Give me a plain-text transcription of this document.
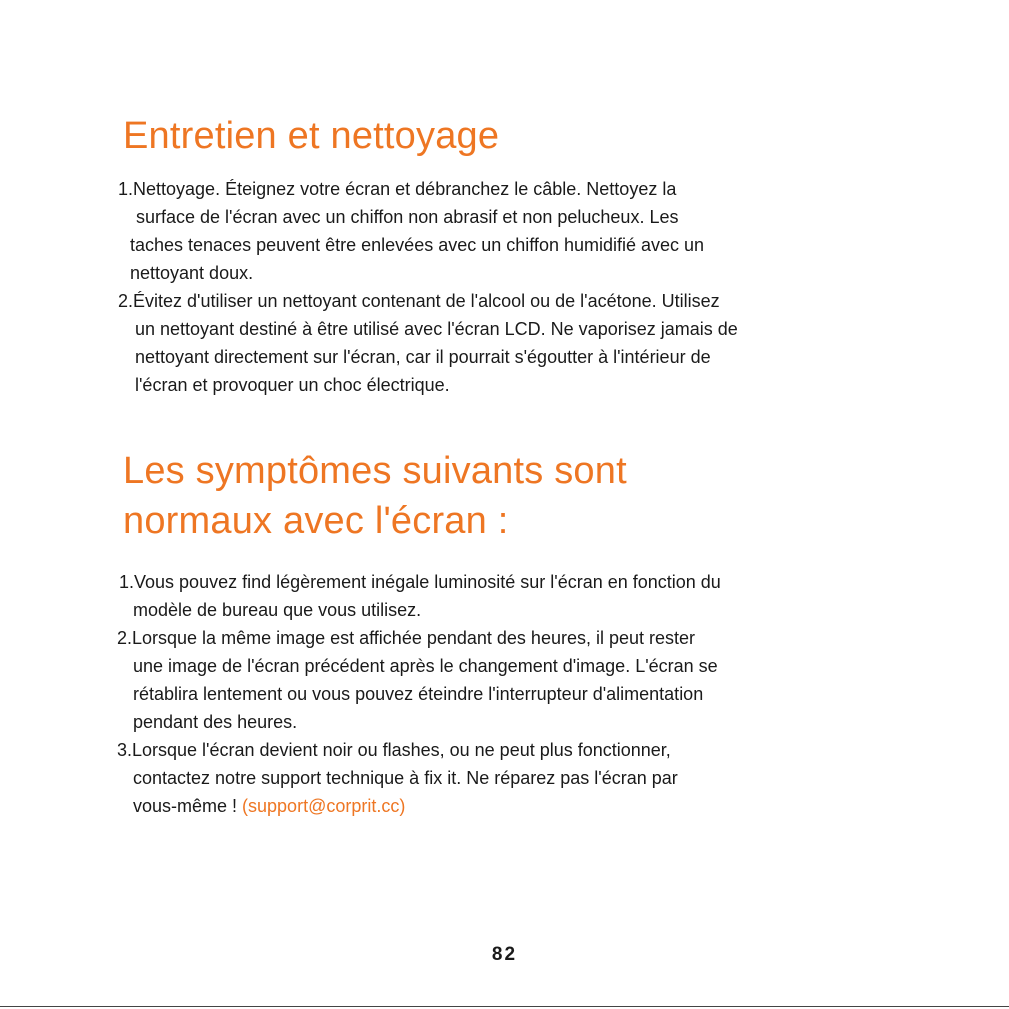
Entretien et nettoyage
1.Nettoyage. Éteignez votre écran et débranchez le câble. Nettoyez la
surface de l'écran avec un chiffon non abrasif et non pelucheux. Les
taches tenaces peuvent être enlevées avec un chiffon humidifié avec un
nettoyant doux.
2.Évitez d'utiliser un nettoyant contenant de l'alcool ou de l'acétone. Utilisez
un nettoyant destiné à être utilisé avec l'écran LCD. Ne vaporisez jamais de
nettoyant directement sur l'écran, car il pourrait s'égoutter à l'intérieur de
l'écran et provoquer un choc électrique.
Les symptômes suivants sont
normaux avec l'écran :
1.Vous pouvez find légèrement inégale luminosité sur l'écran en fonction du
modèle de bureau que vous utilisez.
2.Lorsque la même image est affichée pendant des heures, il peut rester
une image de l'écran précédent après le changement d'image. L'écran se
rétablira lentement ou vous pouvez éteindre l'interrupteur d'alimentation
pendant des heures.
3.Lorsque l'écran devient noir ou flashes, ou ne peut plus fonctionner,
contactez notre support technique à fix it. Ne réparez pas l'écran par
vous-même ! (support@corprit.cc)
82
